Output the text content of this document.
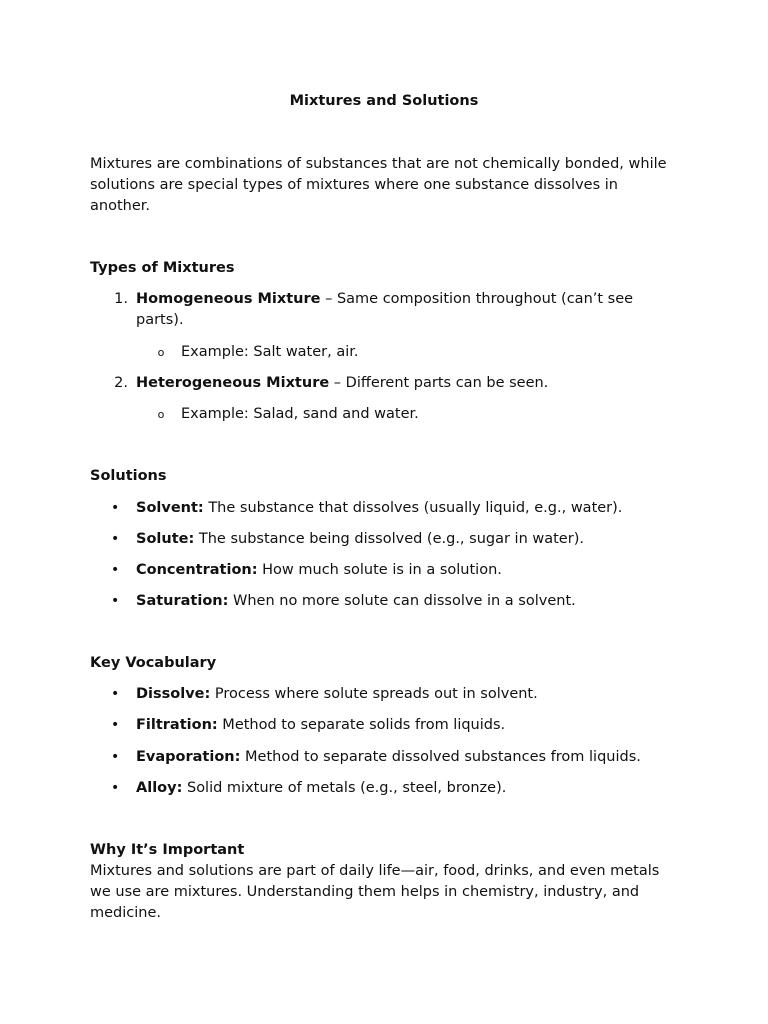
Mixtures and Solutions
Mixtures are combinations of substances that are not chemically bonded, while solutions are special types of mixtures where one substance dissolves in another.
Types of Mixtures
1. Homogeneous Mixture – Same composition throughout (can’t see parts).
o Example: Salt water, air.
2. Heterogeneous Mixture – Different parts can be seen.
o Example: Salad, sand and water.
Solutions
• Solvent: The substance that dissolves (usually liquid, e.g., water).
• Solute: The substance being dissolved (e.g., sugar in water).
• Concentration: How much solute is in a solution.
• Saturation: When no more solute can dissolve in a solvent.
Key Vocabulary
• Dissolve: Process where solute spreads out in solvent.
• Filtration: Method to separate solids from liquids.
• Evaporation: Method to separate dissolved substances from liquids.
• Alloy: Solid mixture of metals (e.g., steel, bronze).
Why It’s Important
Mixtures and solutions are part of daily life—air, food, drinks, and even metals we use are mixtures. Understanding them helps in chemistry, industry, and medicine.
